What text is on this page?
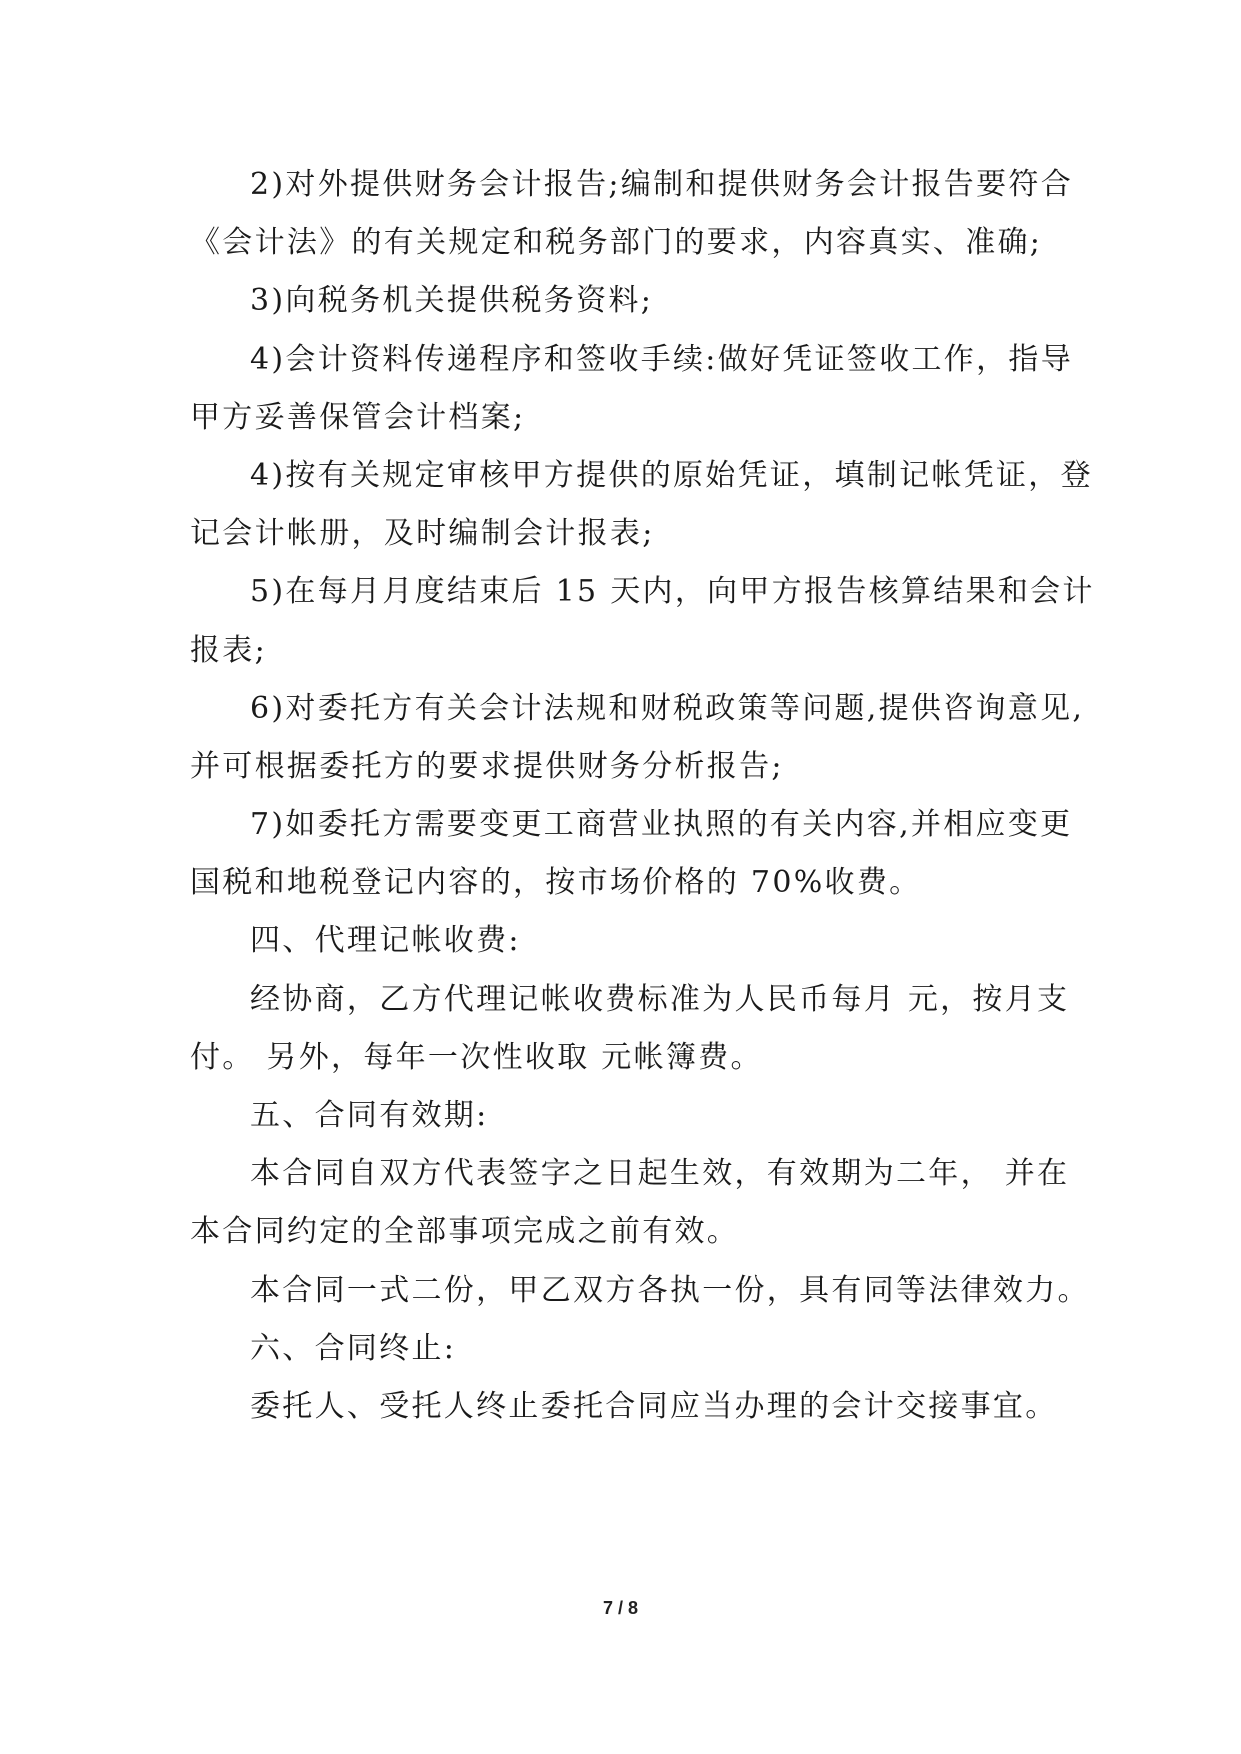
2)对外提供财务会计报告;编制和提供财务会计报告要符合
《会计法》的有关规定和税务部门的要求，内容真实、准确;
3)向税务机关提供税务资料;
4)会计资料传递程序和签收手续:做好凭证签收工作，指导
甲方妥善保管会计档案;
4)按有关规定审核甲方提供的原始凭证，填制记帐凭证，登
记会计帐册，及时编制会计报表;
5)在每月月度结束后 15 天内，向甲方报告核算结果和会计
报表;
6)对委托方有关会计法规和财税政策等问题,提供咨询意见,
并可根据委托方的要求提供财务分析报告;
7)如委托方需要变更工商营业执照的有关内容,并相应变更
国税和地税登记内容的，按市场价格的 70%收费。
四、代理记帐收费:
经协商，乙方代理记帐收费标准为人民币每月 元，按月支
付。 另外，每年一次性收取 元帐簿费。
五、合同有效期:
本合同自双方代表签字之日起生效，有效期为二年， 并在
本合同约定的全部事项完成之前有效。
本合同一式二份，甲乙双方各执一份，具有同等法律效力。
六、合同终止:
委托人、受托人终止委托合同应当办理的会计交接事宜。
7 / 8
